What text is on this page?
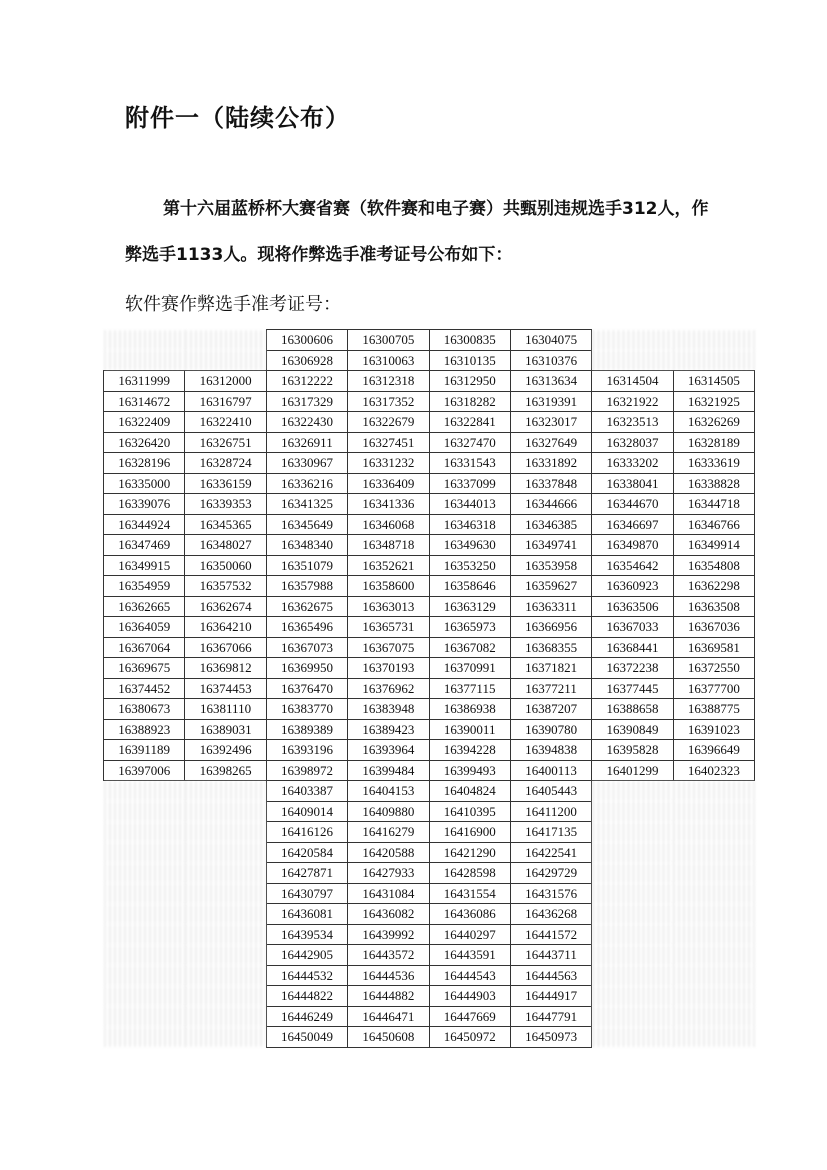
附件一（陆续公布）
第十六届蓝桥杯大赛省赛（软件赛和电子赛）共甄别违规选手312人，作弊选手1133人。现将作弊选手准考证号公布如下：
软件赛作弊选手准考证号：
		16300606	16300705	16300835	16304075		
		16306928	16310063	16310135	16310376		
16311999	16312000	16312222	16312318	16312950	16313634	16314504	16314505
16314672	16316797	16317329	16317352	16318282	16319391	16321922	16321925
16322409	16322410	16322430	16322679	16322841	16323017	16323513	16326269
16326420	16326751	16326911	16327451	16327470	16327649	16328037	16328189
16328196	16328724	16330967	16331232	16331543	16331892	16333202	16333619
16335000	16336159	16336216	16336409	16337099	16337848	16338041	16338828
16339076	16339353	16341325	16341336	16344013	16344666	16344670	16344718
16344924	16345365	16345649	16346068	16346318	16346385	16346697	16346766
16347469	16348027	16348340	16348718	16349630	16349741	16349870	16349914
16349915	16350060	16351079	16352621	16353250	16353958	16354642	16354808
16354959	16357532	16357988	16358600	16358646	16359627	16360923	16362298
16362665	16362674	16362675	16363013	16363129	16363311	16363506	16363508
16364059	16364210	16365496	16365731	16365973	16366956	16367033	16367036
16367064	16367066	16367073	16367075	16367082	16368355	16368441	16369581
16369675	16369812	16369950	16370193	16370991	16371821	16372238	16372550
16374452	16374453	16376470	16376962	16377115	16377211	16377445	16377700
16380673	16381110	16383770	16383948	16386938	16387207	16388658	16388775
16388923	16389031	16389389	16389423	16390011	16390780	16390849	16391023
16391189	16392496	16393196	16393964	16394228	16394838	16395828	16396649
16397006	16398265	16398972	16399484	16399493	16400113	16401299	16402323
		16403387	16404153	16404824	16405443		
		16409014	16409880	16410395	16411200		
		16416126	16416279	16416900	16417135		
		16420584	16420588	16421290	16422541		
		16427871	16427933	16428598	16429729		
		16430797	16431084	16431554	16431576		
		16436081	16436082	16436086	16436268		
		16439534	16439992	16440297	16441572		
		16442905	16443572	16443591	16443711		
		16444532	16444536	16444543	16444563		
		16444822	16444882	16444903	16444917		
		16446249	16446471	16447669	16447791		
		16450049	16450608	16450972	16450973		
